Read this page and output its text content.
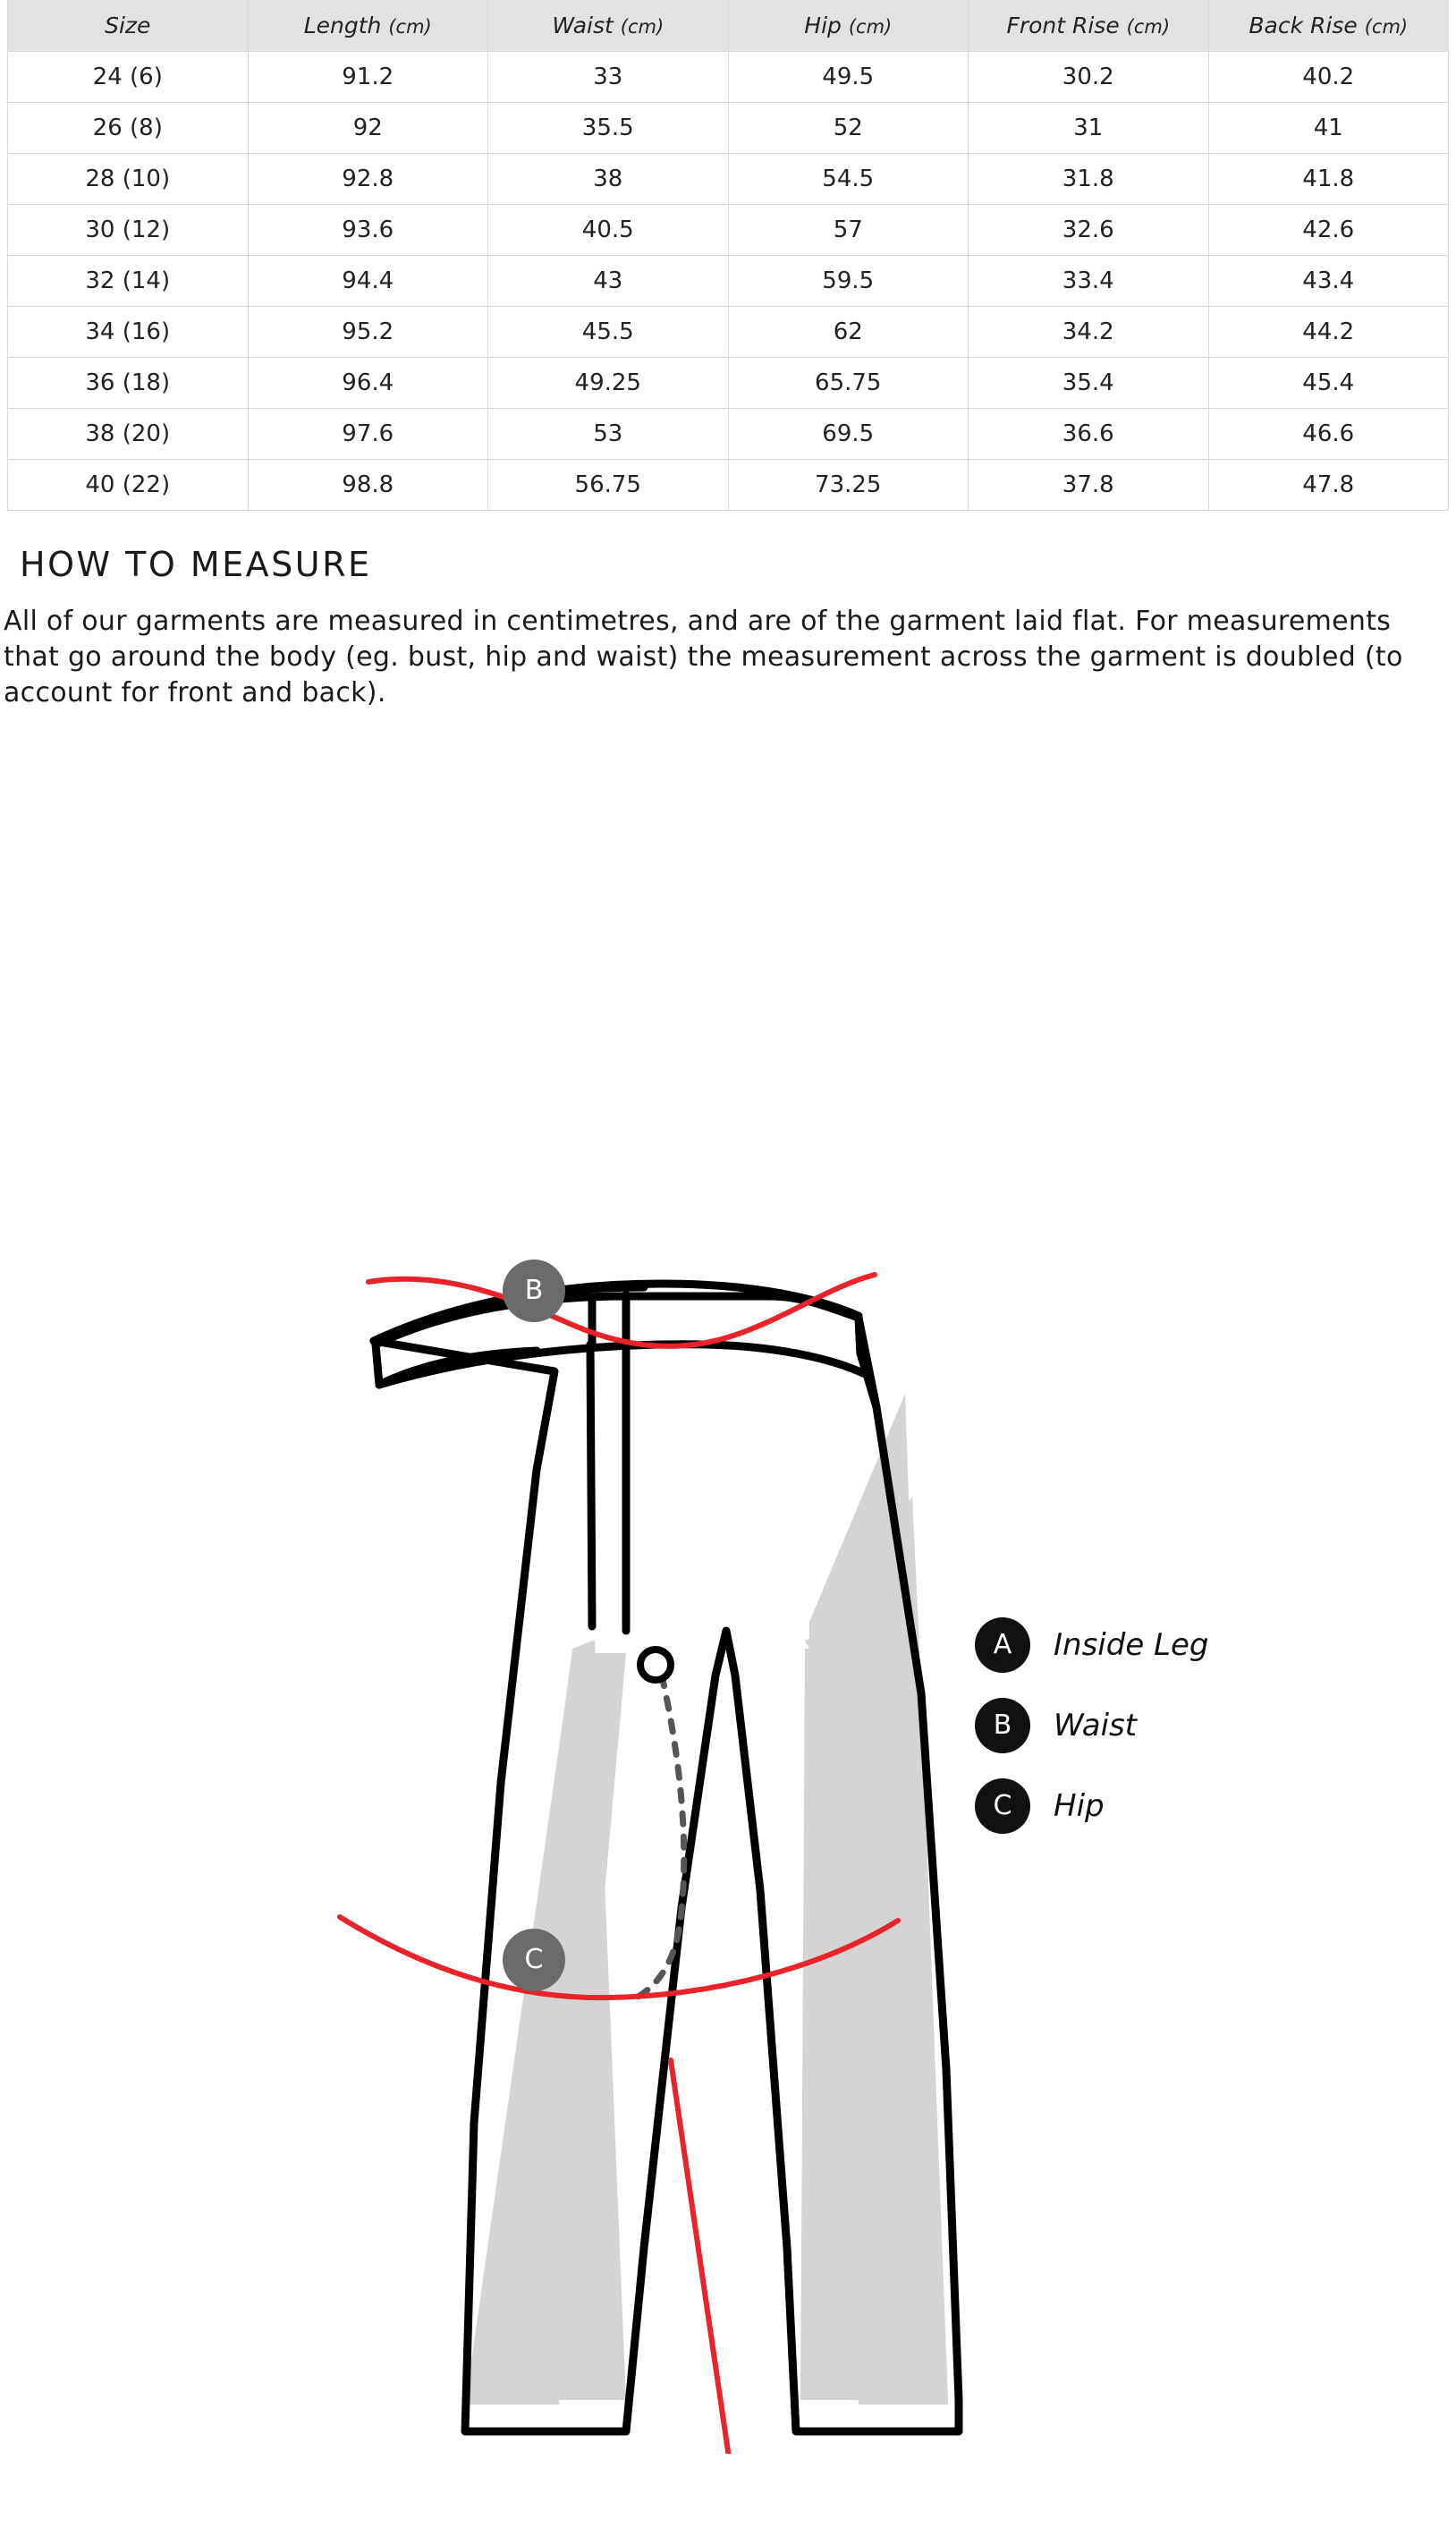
Size	Length (cm)	Waist (cm)	Hip (cm)	Front Rise (cm)	Back Rise (cm)
24 (6)	91.2	33	49.5	30.2	40.2
26 (8)	92	35.5	52	31	41
28 (10)	92.8	38	54.5	31.8	41.8
30 (12)	93.6	40.5	57	32.6	42.6
32 (14)	94.4	43	59.5	33.4	43.4
34 (16)	95.2	45.5	62	34.2	44.2
36 (18)	96.4	49.25	65.75	35.4	45.4
38 (20)	97.6	53	69.5	36.6	46.6
40 (22)	98.8	56.75	73.25	37.8	47.8
HOW TO MEASURE

All of our garments are measured in centimetres, and are of the garment laid flat. For measurements that go around the body (eg. bust, hip and waist) the measurement across the garment is doubled (to account for front and back).

B
C
A
A	Inside Leg
B	Waist
C	Hip
